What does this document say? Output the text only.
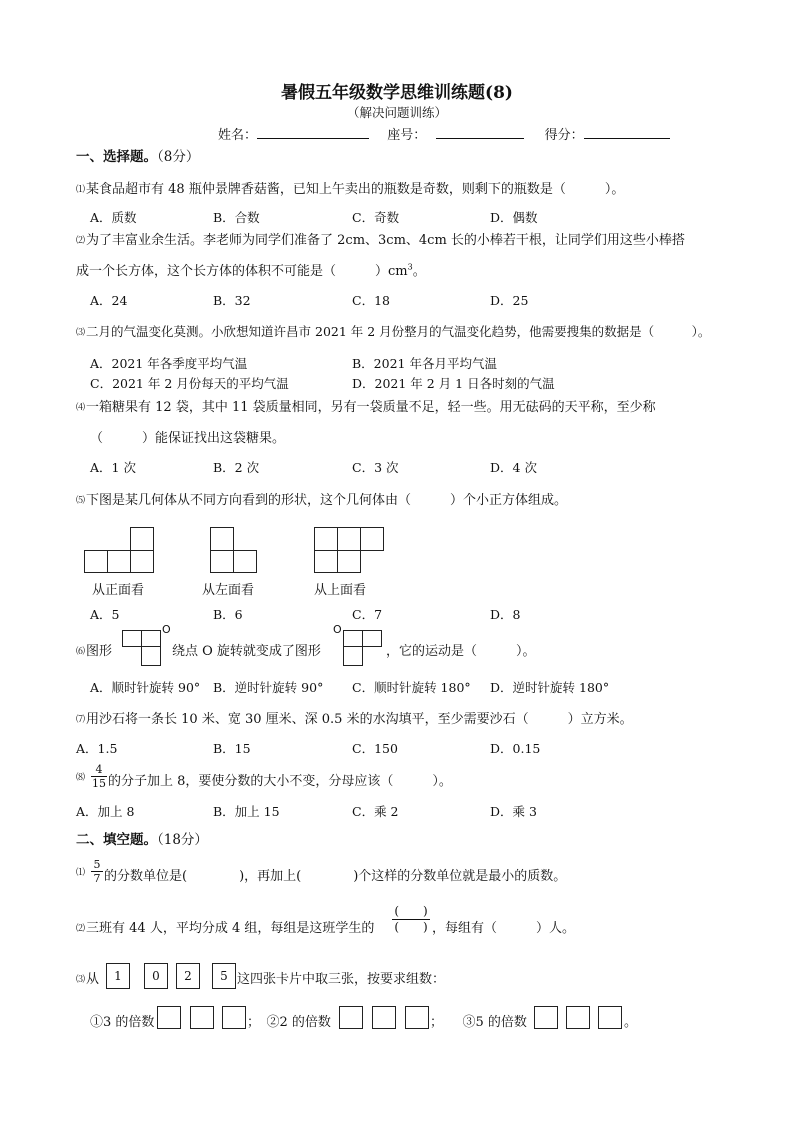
暑假五年级数学思维训练题(8)
（解决问题训练）
姓名：	座号：	得分：
一、选择题。（8分）
⑴某食品超市有 48 瓶仲景牌香菇酱，已知上午卖出的瓶数是奇数，则剩下的瓶数是（　　　）。
A．质数	B．合数	C．奇数	D．偶数
⑵为了丰富业余生活。李老师为同学们准备了 2cm、3cm、4cm 长的小棒若干根，让同学们用这些小棒搭
成一个长方体，这个长方体的体积不可能是（　　　）$cm^3$。
A．24	B．32	C．18	D．25
⑶二月的气温变化莫测。小欣想知道许昌市 2021 年 2 月份整月的气温变化趋势，他需要搜集的数据是（　　　）。
A．2021 年各季度平均气温	B．2021 年各月平均气温
C．2021 年 2 月份每天的平均气温	D．2021 年 2 月 1 日各时刻的气温
⑷一箱糖果有 12 袋，其中 11 袋质量相同，另有一袋质量不足，轻一些。用无砝码的天平称，至少称
（　　　）能保证找出这袋糖果。
A．1 次	B．2 次	C．3 次	D．4 次
⑸下图是某几何体从不同方向看到的形状，这个几何体由（　　　）个小正方体组成。
从正面看	从左面看	从上面看
A．5	B．6	C．7	D．8
⑹图形
O
绕点 O 旋转就变成了图形
O
，它的运动是（　　　）。
A．顺时针旋转 90° B．逆时针旋转 90° C．顺时针旋转 180° D．逆时针旋转 180°
⑺用沙石将一条长 10 米、宽 30 厘米、深 0.5 米的水沟填平，至少需要沙石（　　　）立方米。
A．1.5	B．15	C．150	D．0.15
⑻ $\frac{4}{15}$ 的分子加上 8，要使分数的大小不变，分母应该（　　　）。
A．加上 8	B．加上 15	C．乘 2	D．乘 3
二、填空题。（18分）
⑴ $\frac{5}{7}$ 的分数单位是(　　　　)，再加上(　　　　)个这样的分数单位就是最小的质数。
⑵三班有 44 人，平均分成 4 组，每组是这班学生的
(　　)
(　　) ，每组有（　　　）人。
⑶从	1	0	2	5 这四张卡片中取三张，按要求组数：
①3 的倍数	；　②2 的倍数	；　　③5 的倍数	。
